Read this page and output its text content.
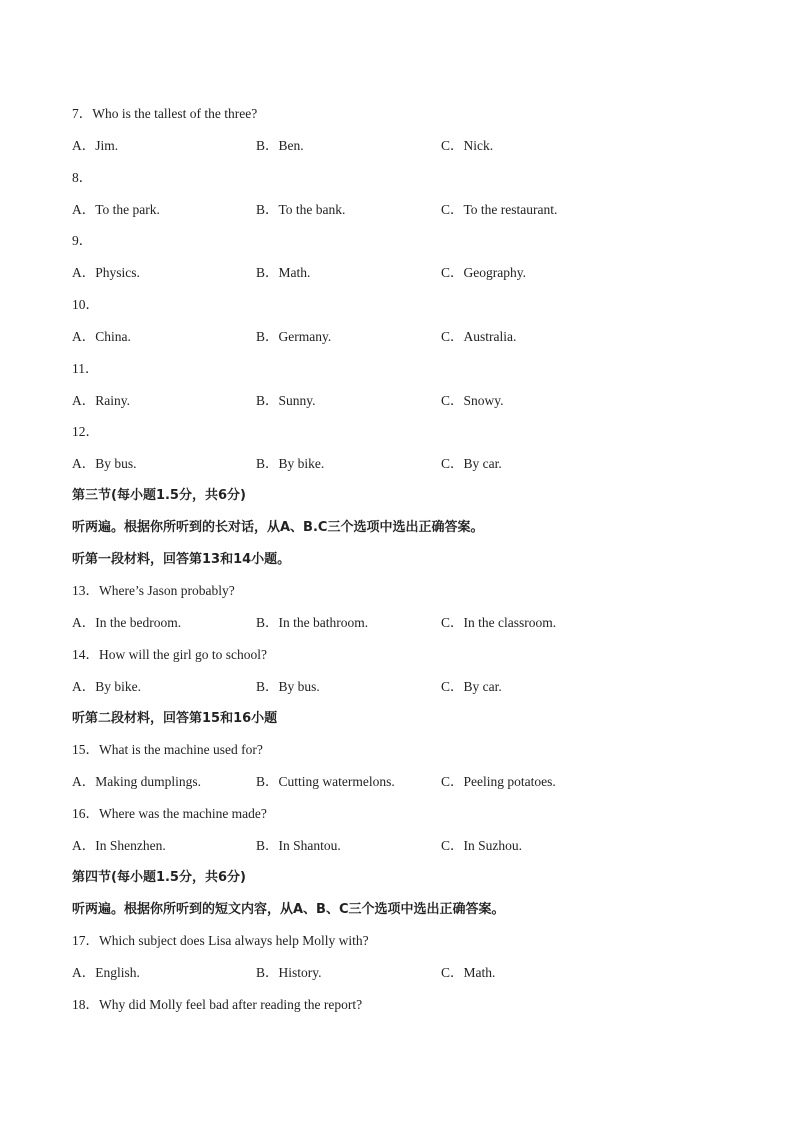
7．Who is the tallest of the three?
A．Jim.	B．Ben.	C．Nick.
8．
A．To the park.	B．To the bank.	C．To the restaurant.
9．
A．Physics.	B．Math.	C．Geography.
10．
A．China.	B．Germany.	C．Australia.
11．
A．Rainy.	B．Sunny.	C．Snowy.
12．
A．By bus.	B．By bike.	C．By car.
第三节(每小题1.5分，共6分)
听两遍。根据你所听到的长对话，从A、B.C三个选项中选出正确答案。
听第一段材料，回答第13和14小题。
13．Where’s Jason probably?
A．In the bedroom.	B．In the bathroom.	C．In the classroom.
14．How will the girl go to school?
A．By bike.	B．By bus.	C．By car.
听第二段材料，回答第15和16小题
15．What is the machine used for?
A．Making dumplings.	B．Cutting watermelons.	C．Peeling potatoes.
16．Where was the machine made?
A．In Shenzhen.	B．In Shantou.	C．In Suzhou.
第四节(每小题1.5分，共6分)
听两遍。根据你所听到的短文内容，从A、B、C三个选项中选出正确答案。
17．Which subject does Lisa always help Molly with?
A．English.	B．History.	C．Math.
18．Why did Molly feel bad after reading the report?
